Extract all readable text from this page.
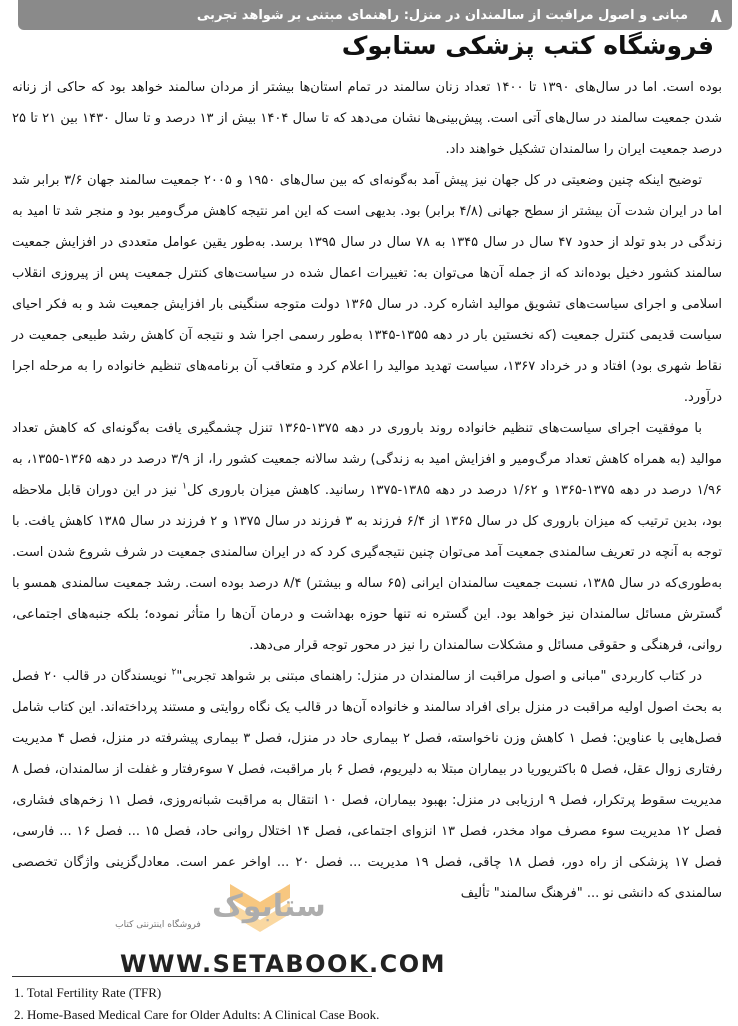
۸
مبانی و اصول مراقبت از سالمندان در منزل: راهنمای مبتنی بر شواهد تجربی
فروشگاه کتب پزشکی ستابوک

بوده است. اما در سال‌های ۱۳۹۰ تا ۱۴۰۰ تعداد زنان سالمند در تمام استان‌ها بیشتر از مردان سالمند خواهد بود که حاکی از زنانه شدن جمعیت سالمند در سال‌های آتی است. پیش‌بینی‌ها نشان می‌دهد که تا سال ۱۴۰۴ بیش از ۱۳ درصد و تا سال ۱۴۳۰ بین ۲۱ تا ۲۵ درصد جمعیت ایران را سالمندان تشکیل خواهند داد.

توضیح اینکه چنین وضعیتی در کل جهان نیز پیش آمد به‌گونه‌ای که بین سال‌های ۱۹۵۰ و ۲۰۰۵ جمعیت سالمند جهان ۳/۶ برابر شد اما در ایران شدت آن بیشتر از سطح جهانی (۴/۸ برابر) بود. بدیهی است که این امر نتیجه کاهش مرگ‌ومیر بود و منجر شد تا امید به زندگی در بدو تولد از حدود ۴۷ سال در سال ۱۳۴۵ به ۷۸ سال در سال ۱۳۹۵ برسد. به‌طور یقین عوامل متعددی در افزایش جمعیت سالمند کشور دخیل بوده‌اند که از جمله آن‌ها می‌توان به: تغییرات اعمال شده در سیاست‌های کنترل جمعیت پس از پیروزی انقلاب اسلامی و اجرای سیاست‌های تشویق موالید اشاره کرد. در سال ۱۳۶۵ دولت متوجه سنگینی بار افزایش جمعیت شد و به فکر احیای سیاست قدیمی کنترل جمعیت (که نخستین بار در دهه ۱۳۵۵-۱۳۴۵ به‌طور رسمی اجرا شد و نتیجه آن کاهش رشد طبیعی جمعیت در نقاط شهری بود) افتاد و در خرداد ۱۳۶۷، سیاست تهدید موالید را اعلام کرد و متعاقب آن برنامه‌های تنظیم خانواده را به مرحله اجرا درآورد.

با موفقیت اجرای سیاست‌های تنظیم خانواده روند باروری در دهه ۱۳۷۵-۱۳۶۵ تنزل چشمگیری یافت به‌گونه‌ای که کاهش تعداد موالید (به همراه کاهش تعداد مرگ‌ومیر و افزایش امید به زندگی) رشد سالانه جمعیت کشور را، از ۳/۹ درصد در دهه ۱۳۶۵-۱۳۵۵، به ۱/۹۶ درصد در دهه ۱۳۷۵-۱۳۶۵ و ۱/۶۲ درصد در دهه ۱۳۸۵-۱۳۷۵ رسانید. کاهش میزان باروری کل$^۱$ نیز در این دوران قابل ملاحظه بود، بدین ترتیب که میزان باروری کل در سال ۱۳۶۵ از ۶/۴ فرزند به ۳ فرزند در سال ۱۳۷۵ و ۲ فرزند در سال ۱۳۸۵ کاهش یافت. با توجه به آنچه در تعریف سالمندی جمعیت آمد می‌توان چنین نتیجه‌گیری کرد که در ایران سالمندی جمعیت در شرف شروع شدن است. به‌طوری‌که در سال ۱۳۸۵، نسبت جمعیت سالمندان ایرانی (۶۵ ساله و بیشتر) ۸/۴ درصد بوده است. رشد جمعیت سالمندی همسو با گسترش مسائل سالمندان نیز خواهد بود. این گستره نه تنها حوزه بهداشت و درمان آن‌ها را متأثر نموده؛ بلکه جنبه‌های اجتماعی، روانی، فرهنگی و حقوقی مسائل و مشکلات سالمندان را نیز در محور توجه قرار می‌دهد.

در کتاب کاربردی "مبانی و اصول مراقبت از سالمندان در منزل: راهنمای مبتنی بر شواهد تجربی"$^۲$ نویسندگان در قالب ۲۰ فصل به بحث اصول اولیه مراقبت در منزل برای افراد سالمند و خانواده آن‌ها در قالب یک نگاه روایتی و مستند پرداخته‌اند. این کتاب شامل فصل‌هایی با عناوین: فصل ۱ کاهش وزن ناخواسته، فصل ۲ بیماری حاد در منزل، فصل ۳ بیماری پیشرفته در منزل، فصل ۴ مدیریت رفتاری زوال عقل، فصل ۵ باکتریوریا در بیماران مبتلا به دلیریوم، فصل ۶ بار مراقبت، فصل ۷ سوءرفتار و غفلت از سالمندان، فصل ۸ مدیریت سقوط پرتکرار، فصل ۹ ارزیابی در منزل: بهبود بیماران، فصل ۱۰ انتقال به مراقبت شبانه‌روزی، فصل ۱۱ زخم‌های فشاری، فصل ۱۲ مدیریت سوء مصرف مواد مخدر، فصل ۱۳ انزوای اجتماعی، فصل ۱۴ اختلال روانی حاد، فصل ۱۵ ... فصل ۱۶ ... فارسی، فصل ۱۷ پزشکی از راه دور، فصل ۱۸ چاقی، فصل ۱۹ مدیریت ... فصل ۲۰ ... اواخر عمر است. معادل‌گزینی واژگان تخصصی سالمندی که دانشی نو ... "فرهنگ سالمند" تألیف

ستابوک
فروشگاه اینترنتی کتاب
WWW.SETABOOK.COM
1. Total Fertility Rate (TFR)
2. Home-Based Medical Care for Older Adults: A Clinical Case Book.
